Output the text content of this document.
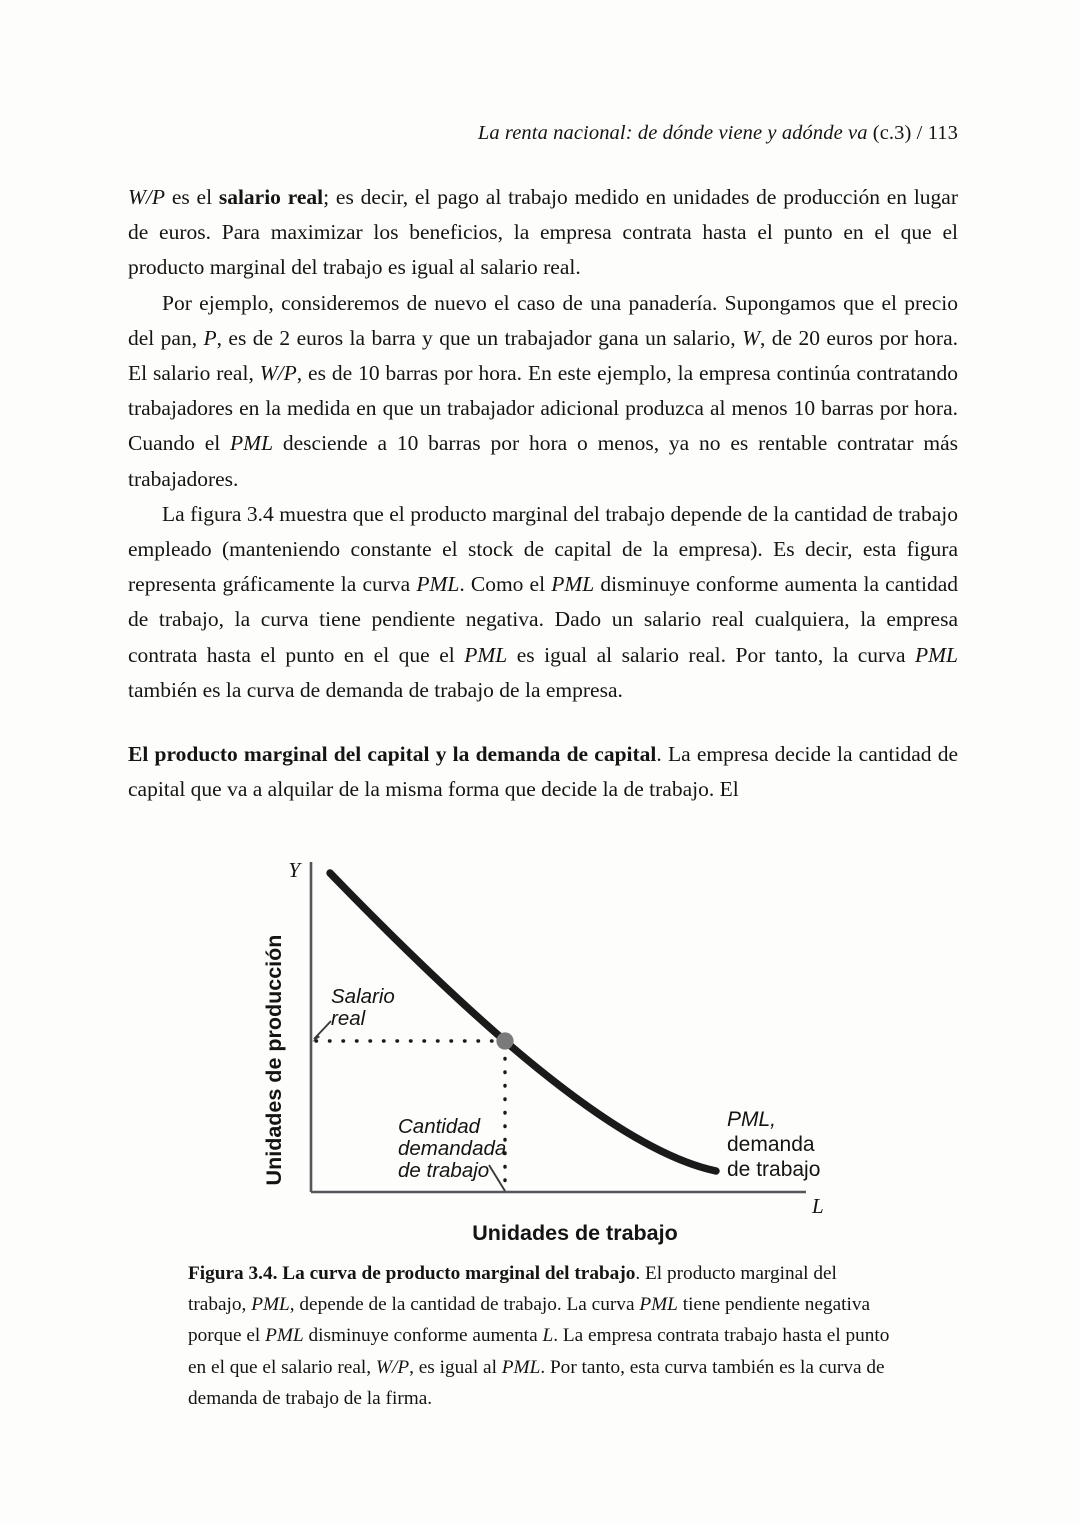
La renta nacional: de dónde viene y adónde va (c.3) / 113

W/P es el salario real; es decir, el pago al trabajo medido en unidades de producción en lugar de euros. Para maximizar los beneficios, la empresa contrata hasta el punto en el que el producto marginal del trabajo es igual al salario real.

Por ejemplo, consideremos de nuevo el caso de una panadería. Supongamos que el precio del pan, P, es de 2 euros la barra y que un trabajador gana un salario, W, de 20 euros por hora. El salario real, W/P, es de 10 barras por hora. En este ejemplo, la empresa continúa contratando trabajadores en la medida en que un trabajador adicional produzca al menos 10 barras por hora. Cuando el PML desciende a 10 barras por hora o menos, ya no es rentable contratar más trabajadores.

La figura 3.4 muestra que el producto marginal del trabajo depende de la cantidad de trabajo empleado (manteniendo constante el stock de capital de la empresa). Es decir, esta figura representa gráficamente la curva PML. Como el PML disminuye conforme aumenta la cantidad de trabajo, la curva tiene pendiente negativa. Dado un salario real cualquiera, la empresa contrata hasta el punto en el que el PML es igual al salario real. Por tanto, la curva PML también es la curva de demanda de trabajo de la empresa.

El producto marginal del capital y la demanda de capital. La empresa decide la cantidad de capital que va a alquilar de la misma forma que decide la de trabajo. El

Y
L
Unidades de producción
Unidades de trabajo
Salario
real
Cantidad
demandada
de trabajo
PML,
demanda
de trabajo
Figura 3.4. La curva de producto marginal del trabajo. El producto marginal del trabajo, PML, depende de la cantidad de trabajo. La curva PML tiene pendiente negativa porque el PML disminuye conforme aumenta L. La empresa contrata trabajo hasta el punto en el que el salario real, W/P, es igual al PML. Por tanto, esta curva también es la curva de demanda de trabajo de la firma.
